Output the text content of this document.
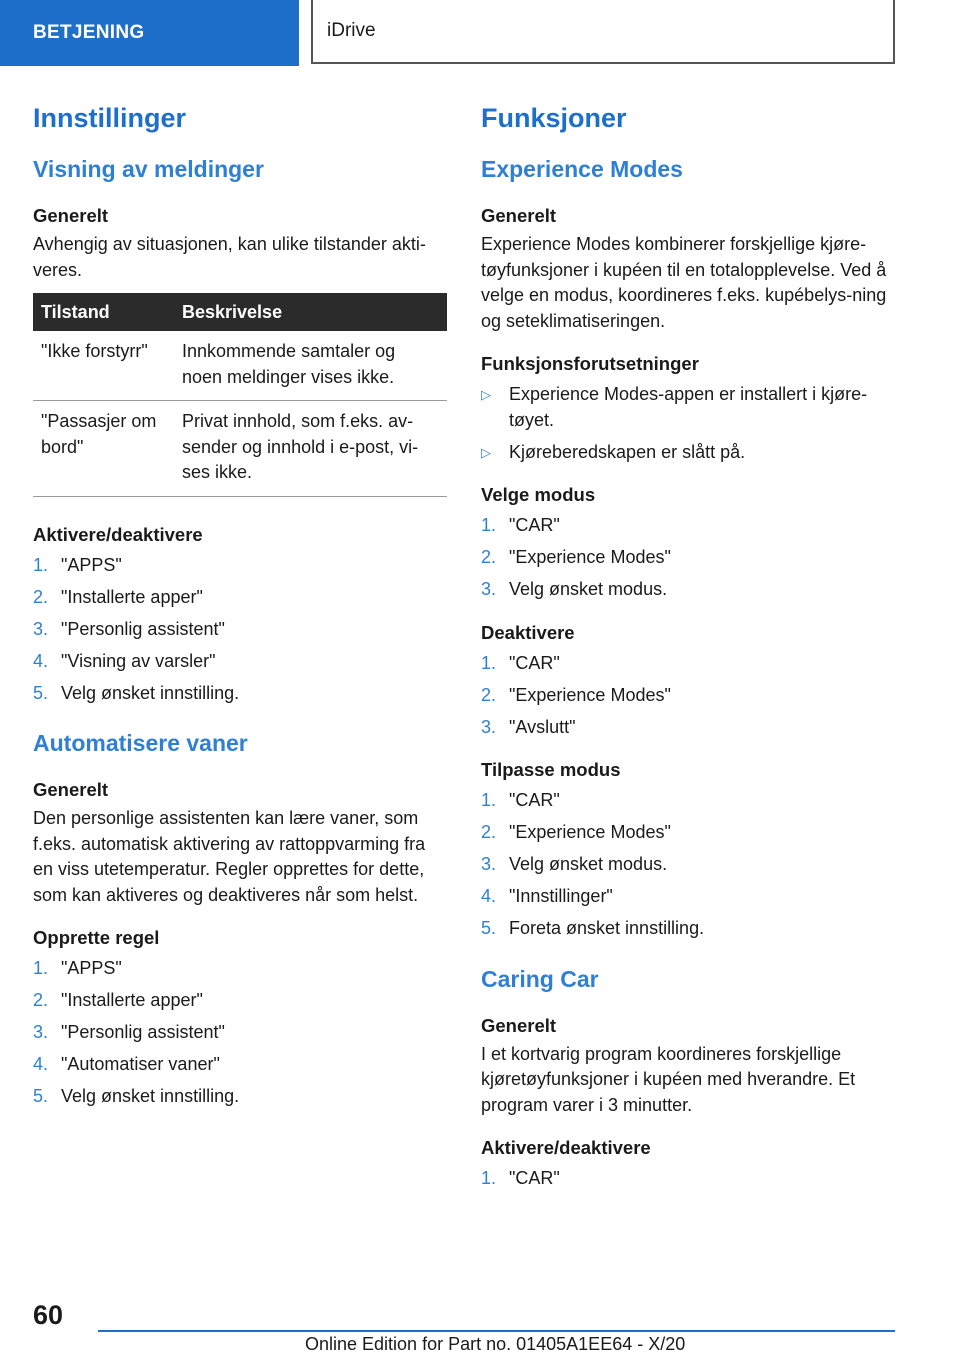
BETJENING	iDrive
Innstillinger
Visning av meldinger
Generelt

Avhengig av situasjonen, kan ulike tilstander akti-veres.

Tilstand	Beskrivelse
"Ikke forstyrr"	Innkommende samtaler og noen meldinger vises ikke.
"Passasjer om bord"	Privat innhold, som f.eks. av-sender og innhold i e-post, vi-ses ikke.
Aktivere/deaktivere
1. "APPS"
2. "Installerte apper"
3. "Personlig assistent"
4. "Visning av varsler"
5. Velg ønsket innstilling.
Automatisere vaner
Generelt

Den personlige assistenten kan lære vaner, som f.eks. automatisk aktivering av rattoppvarming fra en viss utetemperatur. Regler opprettes for dette, som kan aktiveres og deaktiveres når som helst.

Opprette regel
1. "APPS"
2. "Installerte apper"
3. "Personlig assistent"
4. "Automatiser vaner"
5. Velg ønsket innstilling.
Funksjoner
Experience Modes
Generelt

Experience Modes kombinerer forskjellige kjøre-tøyfunksjoner i kupéen til en totalopplevelse. Ved å velge en modus, koordineres f.eks. kupébelys-ning og seteklimatiseringen.

Funksjonsforutsetninger
▷	Experience Modes-appen er installert i kjøre-tøyet.
▷	Kjøreberedskapen er slått på.
Velge modus
1. "CAR"
2. "Experience Modes"
3. Velg ønsket modus.
Deaktivere
1. "CAR"
2. "Experience Modes"
3. "Avslutt"
Tilpasse modus
1. "CAR"
2. "Experience Modes"
3. Velg ønsket modus.
4. "Innstillinger"
5. Foreta ønsket innstilling.
Caring Car
Generelt

I et kortvarig program koordineres forskjellige kjøretøyfunksjoner i kupéen med hverandre. Et program varer i 3 minutter.

Aktivere/deaktivere
1. "CAR"
60
Online Edition for Part no. 01405A1EE64 - X/20
